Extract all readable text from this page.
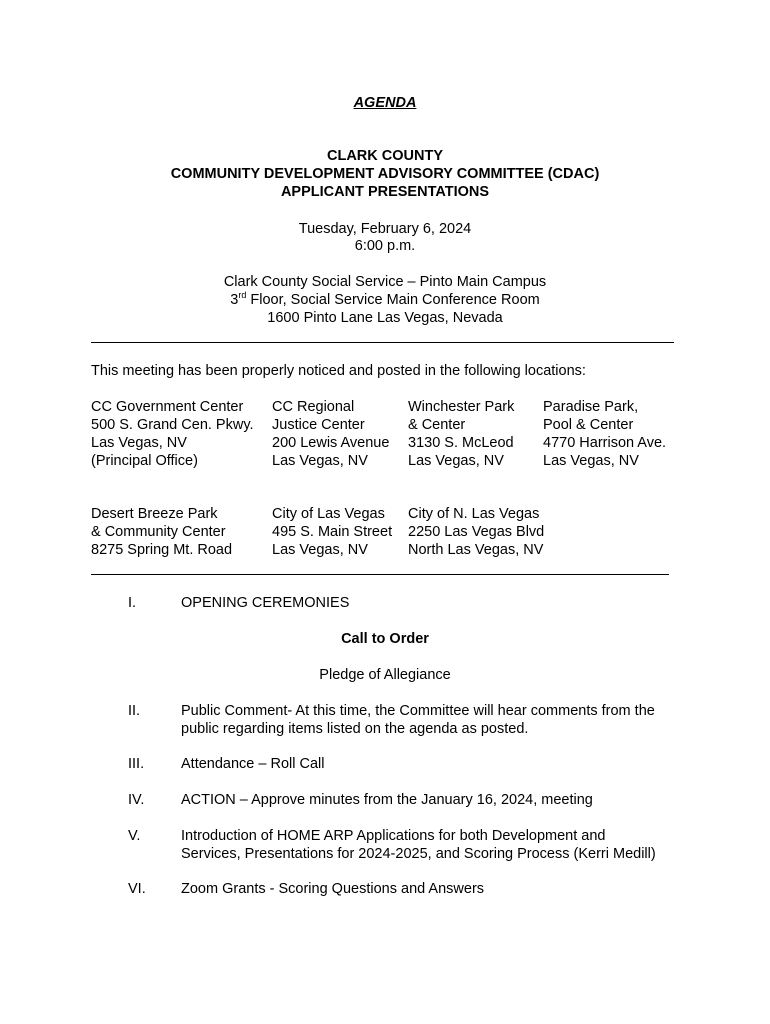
AGENDA
CLARK COUNTY
COMMUNITY DEVELOPMENT ADVISORY COMMITTEE (CDAC)
APPLICANT PRESENTATIONS
Tuesday, February 6, 2024
6:00 p.m.
Clark County Social Service – Pinto Main Campus
3rd Floor, Social Service Main Conference Room
1600 Pinto Lane Las Vegas, Nevada
This meeting has been properly noticed and posted in the following locations:
CC Government Center
500 S. Grand Cen. Pkwy.
Las Vegas, NV
(Principal Office)
CC Regional
Justice Center
200 Lewis Avenue
Las Vegas, NV
Winchester Park
& Center
3130 S. McLeod
Las Vegas, NV
Paradise Park,
Pool & Center
4770 Harrison Ave.
Las Vegas, NV
Desert Breeze Park
& Community Center
8275 Spring Mt. Road
City of Las Vegas
495 S. Main Street
Las Vegas, NV
City of N. Las Vegas
2250 Las Vegas Blvd
North Las Vegas, NV
I.	OPENING CEREMONIES
Call to Order
Pledge of Allegiance
II.	Public Comment- At this time, the Committee will hear comments from the
public regarding items listed on the agenda as posted.
III.	Attendance – Roll Call
IV.	ACTION – Approve minutes from the January 16, 2024, meeting
V.	Introduction of HOME ARP Applications for both Development and
Services, Presentations for 2024-2025, and Scoring Process (Kerri Medill)
VI. Zoom Grants - Scoring Questions and Answers
